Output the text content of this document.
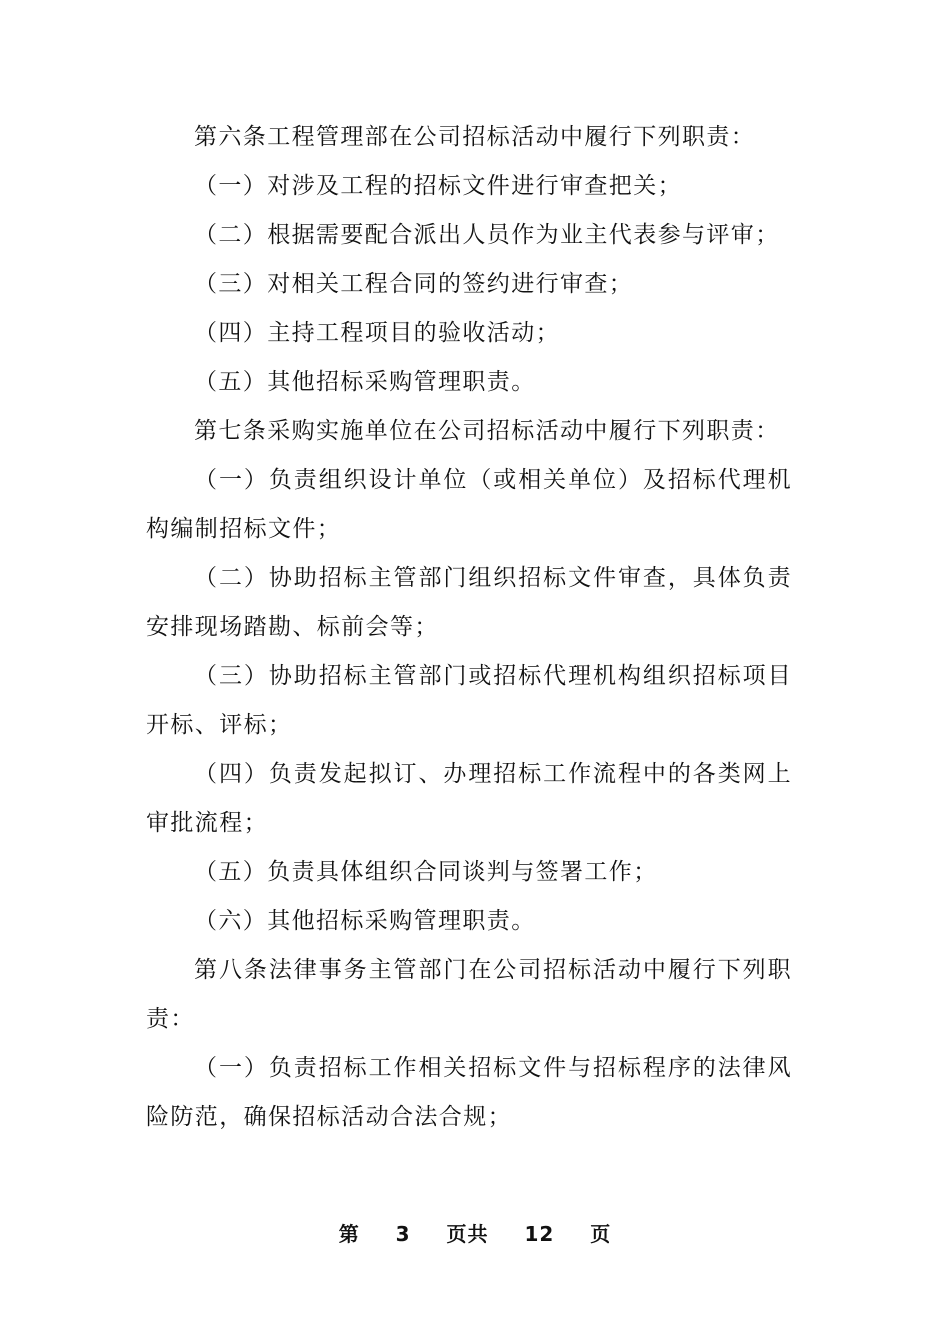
第六条工程管理部在公司招标活动中履行下列职责：

（一）对涉及工程的招标文件进行审查把关；

（二）根据需要配合派出人员作为业主代表参与评审；

（三）对相关工程合同的签约进行审查；

（四）主持工程项目的验收活动；

（五）其他招标采购管理职责。

第七条采购实施单位在公司招标活动中履行下列职责：

（一）负责组织设计单位（或相关单位）及招标代理机构编制招标文件；

（二）协助招标主管部门组织招标文件审查，具体负责安排现场踏勘、标前会等；

（三）协助招标主管部门或招标代理机构组织招标项目开标、评标；

（四）负责发起拟订、办理招标工作流程中的各类网上审批流程；

（五）负责具体组织合同谈判与签署工作；

（六）其他招标采购管理职责。

第八条法律事务主管部门在公司招标活动中履行下列职责：

（一）负责招标工作相关招标文件与招标程序的法律风险防范，确保招标活动合法合规；

第 3 页共 12 页
